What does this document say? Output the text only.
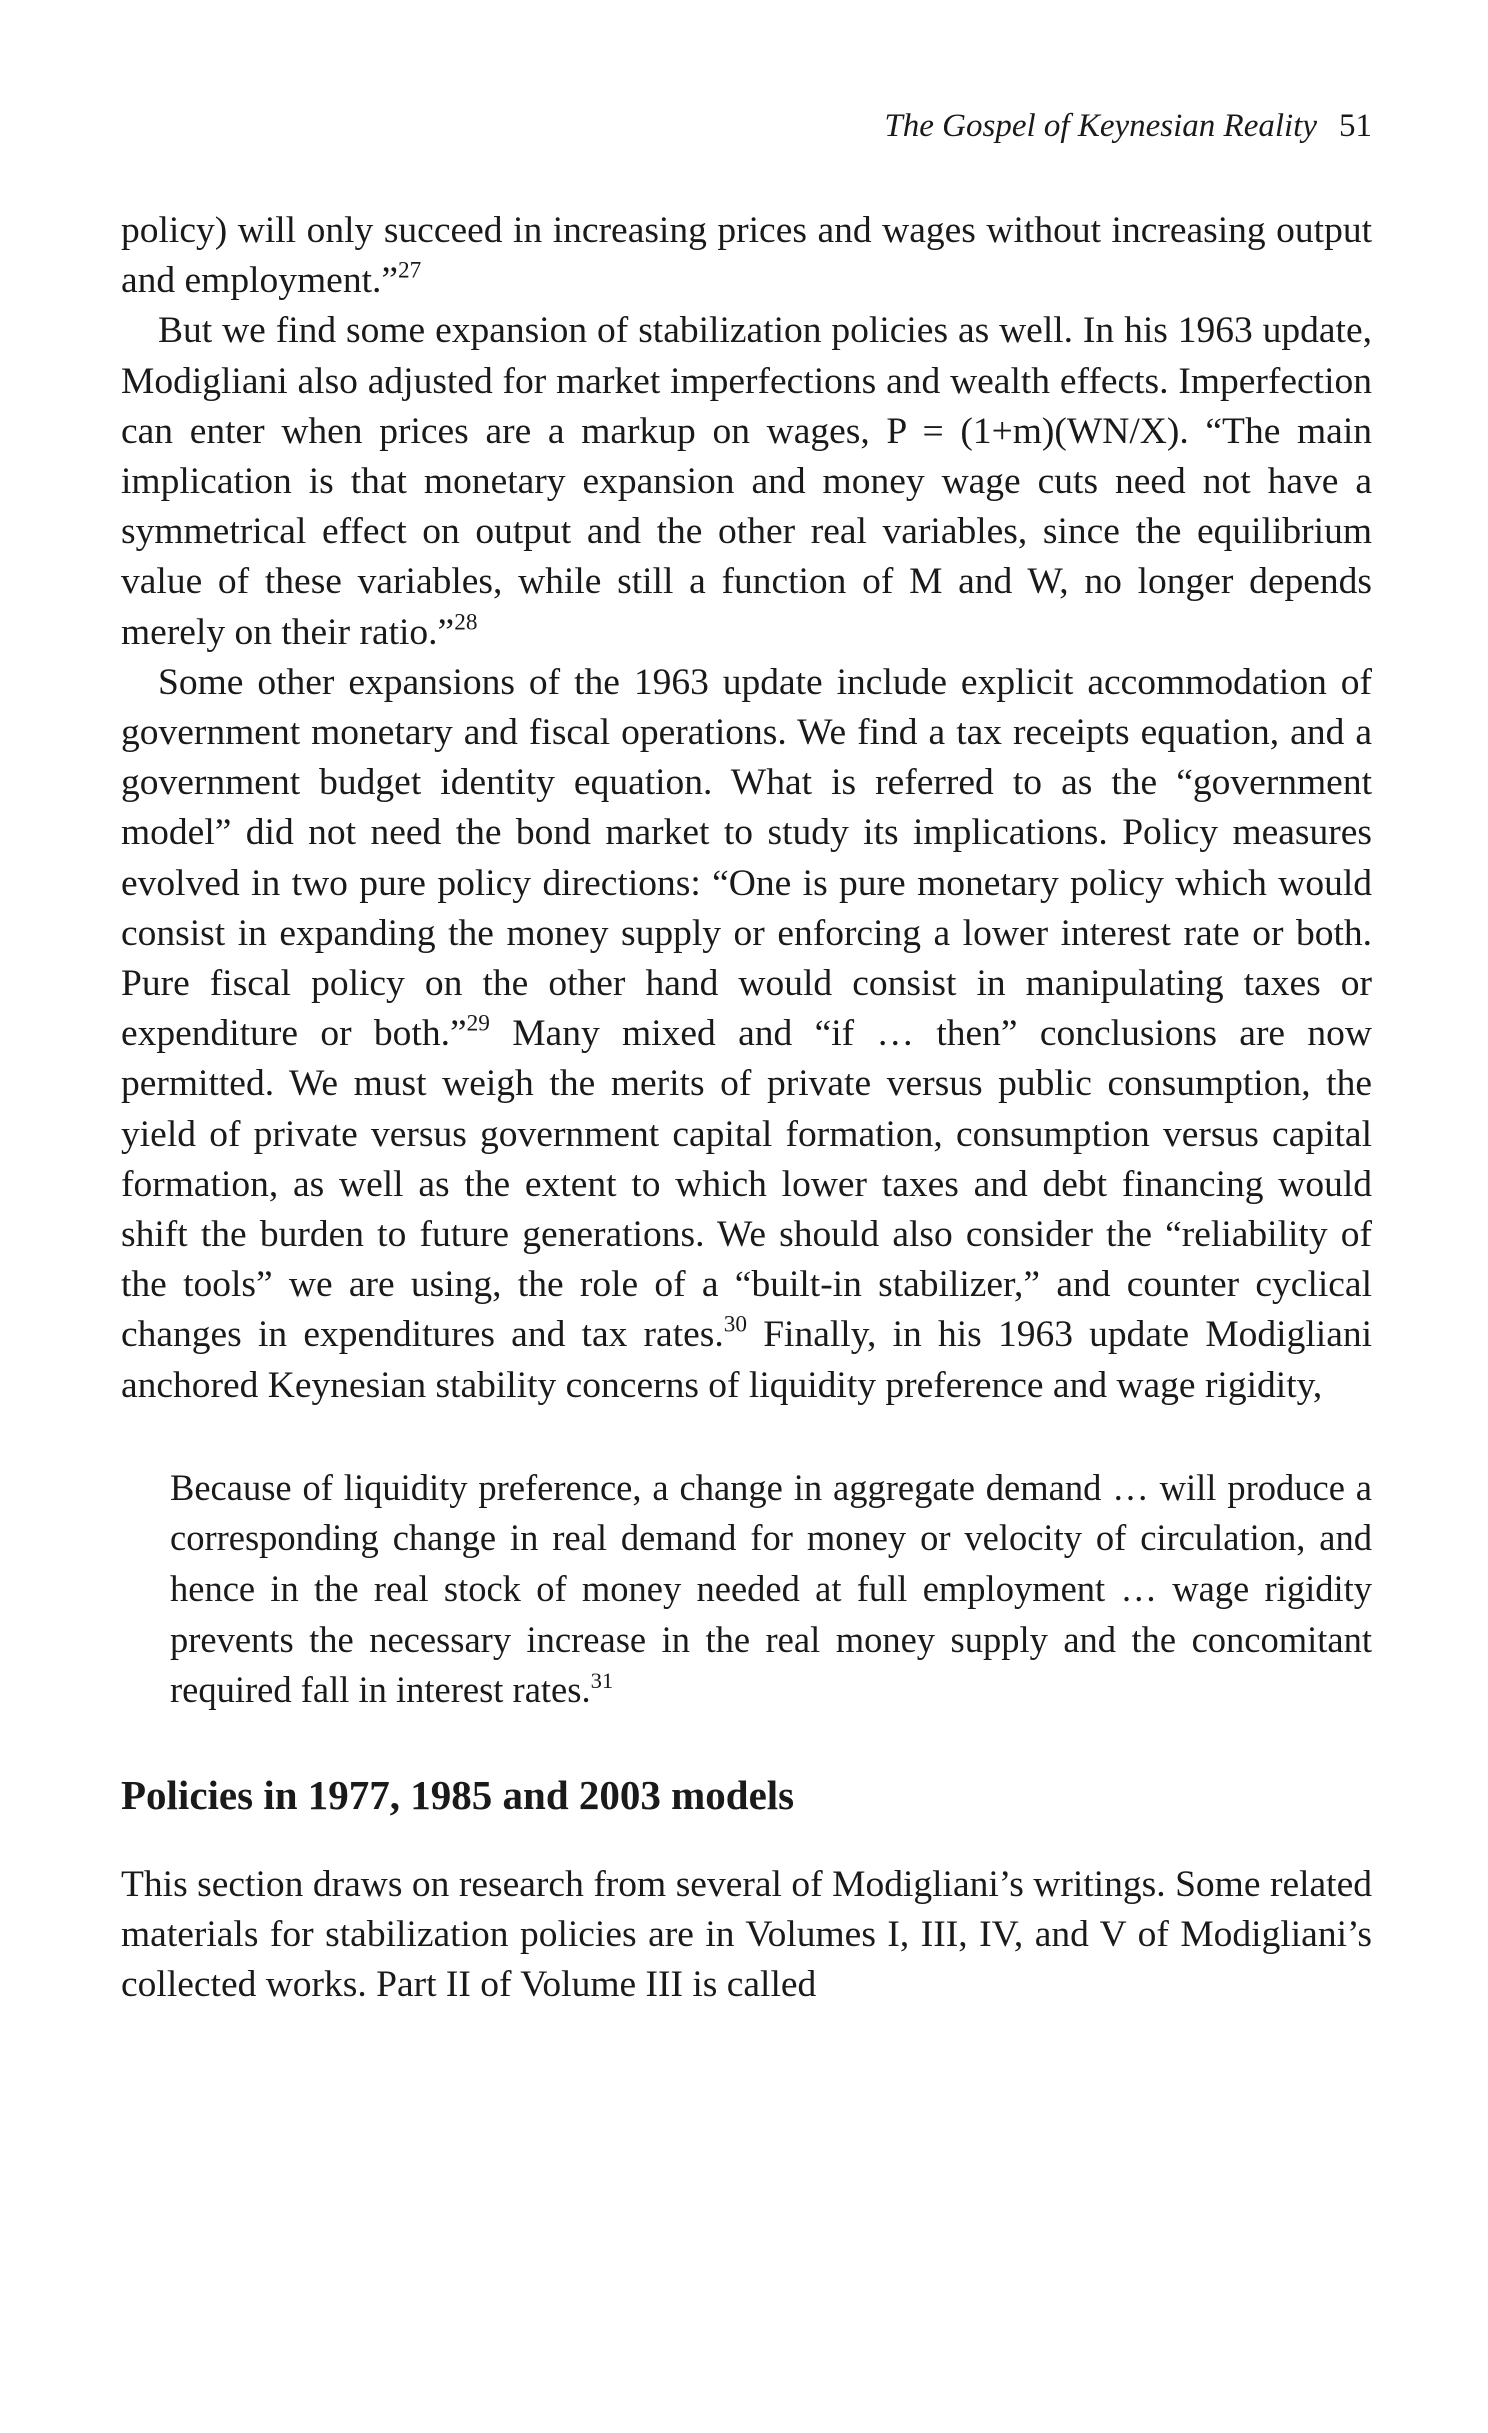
The Gospel of Keynesian Reality 51

policy) will only succeed in increasing prices and wages without increasing output and employment.”$^{27}$

But we find some expansion of stabilization policies as well. In his 1963 update, Modigliani also adjusted for market imperfections and wealth effects. Imperfection can enter when prices are a markup on wages, P = (1+m)(WN/X). “The main implication is that monetary expansion and money wage cuts need not have a symmetrical effect on output and the other real variables, since the equilibrium value of these variables, while still a function of M and W, no longer depends merely on their ratio.”$^{28}$

Some other expansions of the 1963 update include explicit accommodation of government monetary and fiscal operations. We find a tax receipts equation, and a government budget identity equation. What is referred to as the “government model” did not need the bond market to study its implications. Policy measures evolved in two pure policy directions: “One is pure monetary policy which would consist in expanding the money supply or enforcing a lower interest rate or both. Pure fiscal policy on the other hand would consist in manipulating taxes or expenditure or both.”$^{29}$ Many mixed and “if … then” conclusions are now permitted. We must weigh the merits of private versus public consumption, the yield of private versus government capital formation, consumption versus capital formation, as well as the extent to which lower taxes and debt financing would shift the burden to future generations. We should also consider the “reliability of the tools” we are using, the role of a “built-in stabilizer,” and counter cyclical changes in expenditures and tax rates.$^{30}$ Finally, in his 1963 update Modigliani anchored Keynesian stability concerns of liquidity preference and wage rigidity,

Because of liquidity preference, a change in aggregate demand … will produce a corresponding change in real demand for money or velocity of circulation, and hence in the real stock of money needed at full employment … wage rigidity prevents the necessary increase in the real money supply and the concomitant required fall in interest rates.$^{31}$

Policies in 1977, 1985 and 2003 models

This section draws on research from several of Modigliani’s writings. Some related materials for stabilization policies are in Volumes I, III, IV, and V of Modigliani’s collected works. Part II of Volume III is called
